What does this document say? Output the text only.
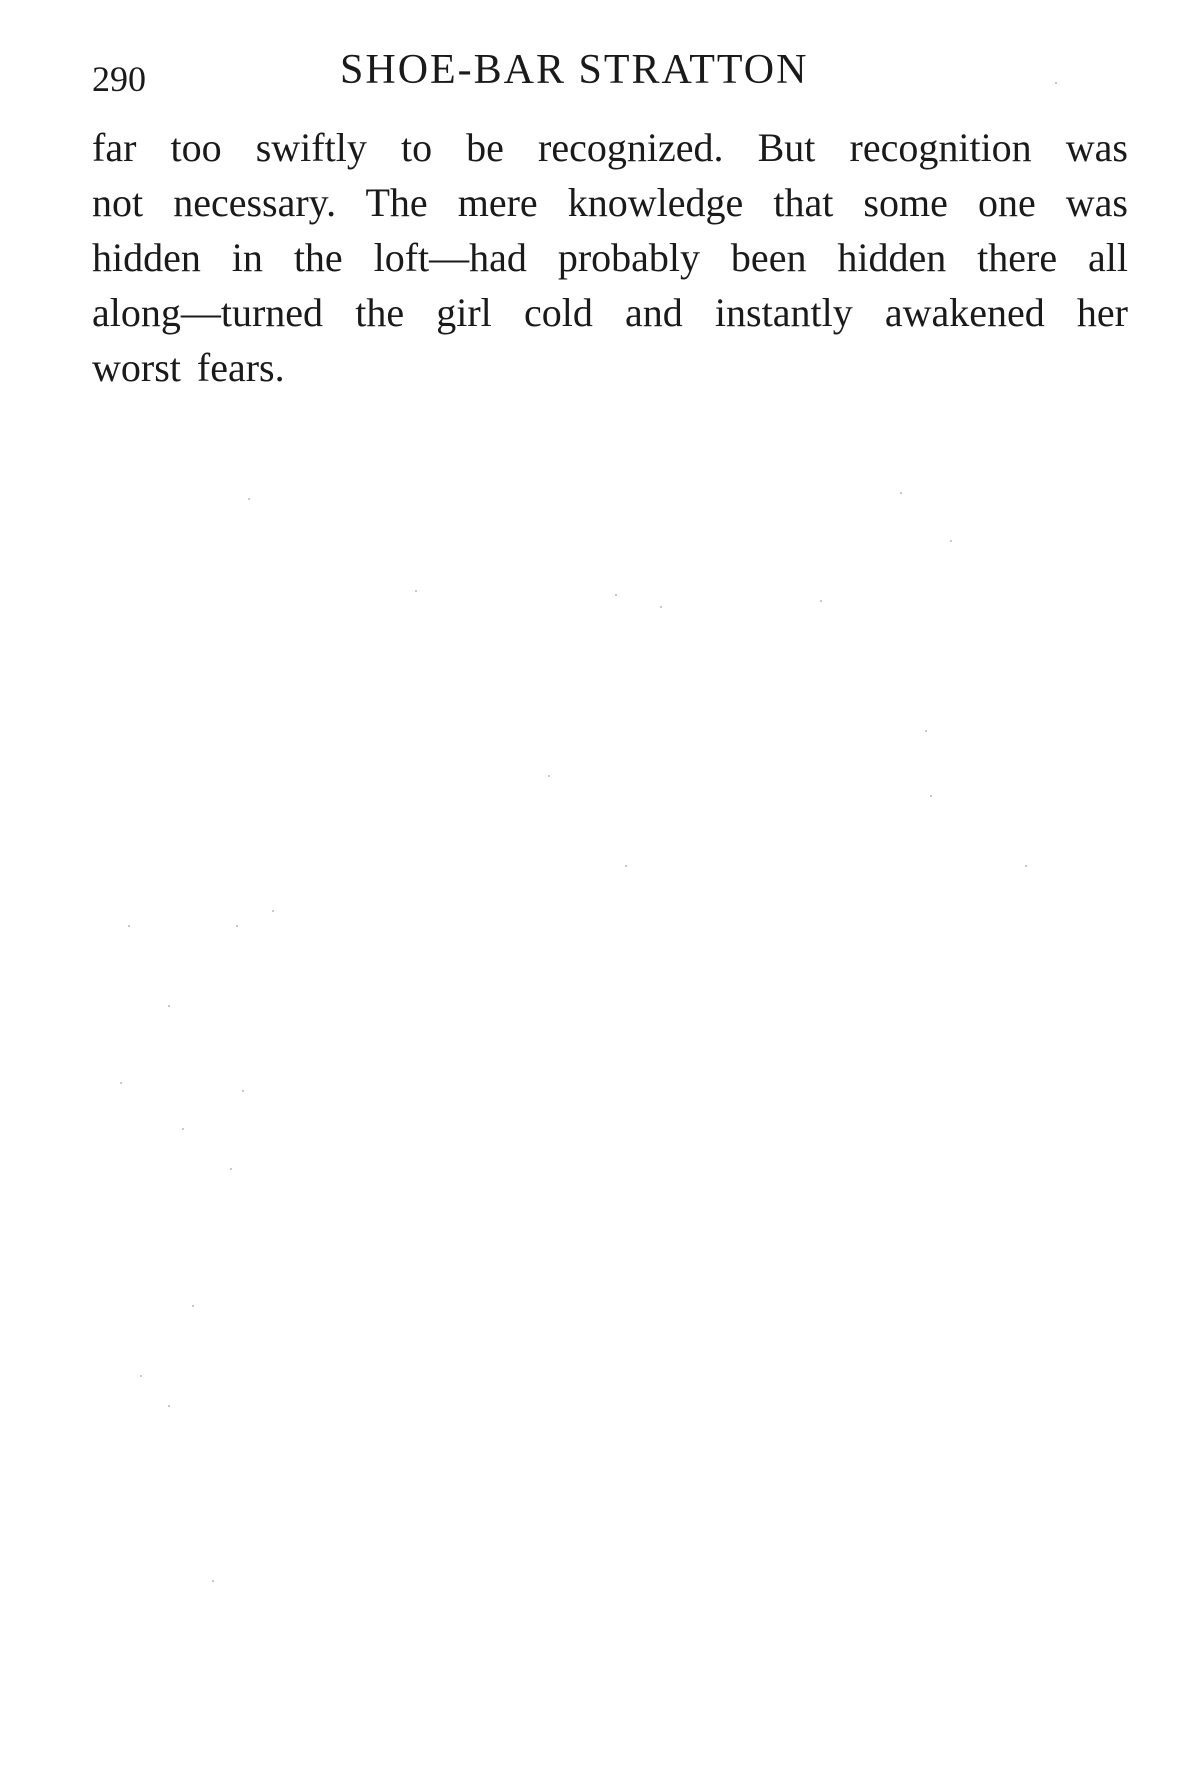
290	SHOE-BAR STRATTON
far too swiftly to be recognized. But recognition was
not necessary. The mere knowledge that some one was
hidden in the loft—had probably been hidden there all
along—turned the girl cold and instantly awakened her
worst fears.
